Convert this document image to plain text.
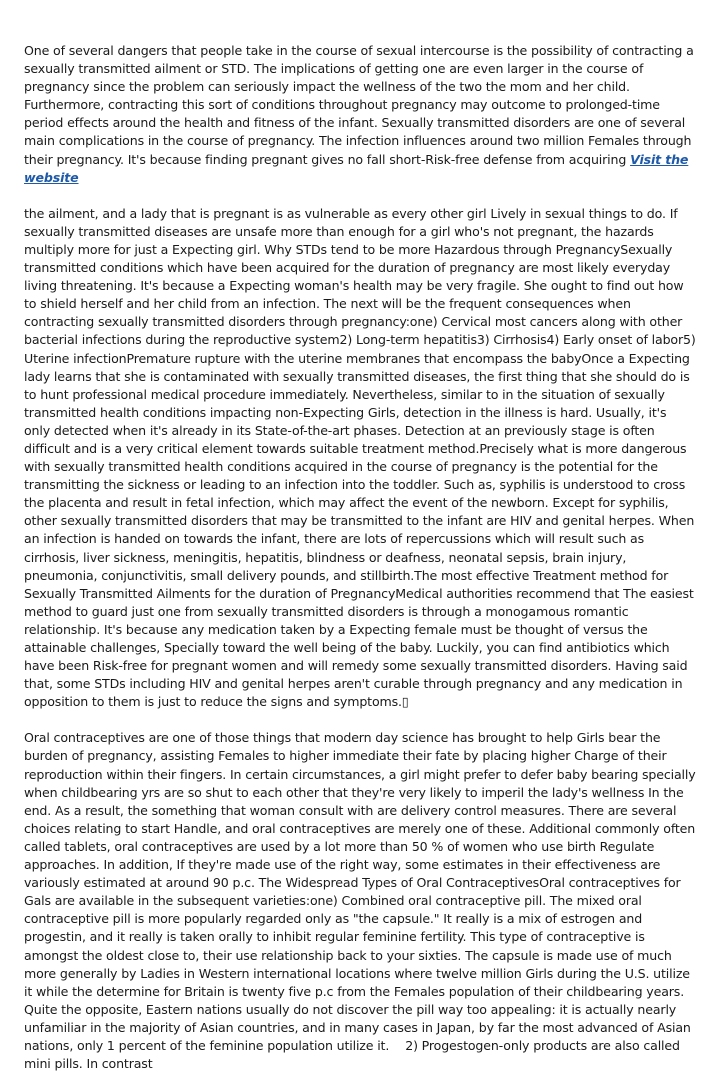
One of several dangers that people take in the course of sexual intercourse is the possibility of contracting a sexually transmitted ailment or STD. The implications of getting one are even larger in the course of pregnancy since the problem can seriously impact the wellness of the two the mom and her child. Furthermore, contracting this sort of conditions throughout pregnancy may outcome to prolonged-time period effects around the health and fitness of the infant. Sexually transmitted disorders are one of several main complications in the course of pregnancy. The infection influences around two million Females through their pregnancy. It's because finding pregnant gives no fall short-Risk-free defense from acquiring Visit the website

the ailment, and a lady that is pregnant is as vulnerable as every other girl Lively in sexual things to do. If sexually transmitted diseases are unsafe more than enough for a girl who's not pregnant, the hazards multiply more for just a Expecting girl. Why STDs tend to be more Hazardous through PregnancySexually transmitted conditions which have been acquired for the duration of pregnancy are most likely everyday living threatening. It's because a Expecting woman's health may be very fragile. She ought to find out how to shield herself and her child from an infection. The next will be the frequent consequences when contracting sexually transmitted disorders through pregnancy:one) Cervical most cancers along with other bacterial infections during the reproductive system2) Long-term hepatitis3) Cirrhosis4) Early onset of labor5) Uterine infectionPremature rupture with the uterine membranes that encompass the babyOnce a Expecting lady learns that she is contaminated with sexually transmitted diseases, the first thing that she should do is to hunt professional medical procedure immediately. Nevertheless, similar to in the situation of sexually transmitted health conditions impacting non-Expecting Girls, detection in the illness is hard. Usually, it's only detected when it's already in its State-of-the-art phases. Detection at an previously stage is often difficult and is a very critical element towards suitable treatment method.Precisely what is more dangerous with sexually transmitted health conditions acquired in the course of pregnancy is the potential for the transmitting the sickness or leading to an infection into the toddler. Such as, syphilis is understood to cross the placenta and result in fetal infection, which may affect the event of the newborn. Except for syphilis, other sexually transmitted disorders that may be transmitted to the infant are HIV and genital herpes. When an infection is handed on towards the infant, there are lots of repercussions which will result such as cirrhosis, liver sickness, meningitis, hepatitis, blindness or deafness, neonatal sepsis, brain injury, pneumonia, conjunctivitis, small delivery pounds, and stillbirth.The most effective Treatment method for Sexually Transmitted Ailments for the duration of PregnancyMedical authorities recommend that The easiest method to guard just one from sexually transmitted disorders is through a monogamous romantic relationship. It's because any medication taken by a Expecting female must be thought of versus the attainable challenges, Specially toward the well being of the baby. Luckily, you can find antibiotics which have been Risk-free for pregnant women and will remedy some sexually transmitted disorders. Having said that, some STDs including HIV and genital herpes aren't curable through pregnancy and any medication in opposition to them is just to reduce the signs and symptoms.▯

Oral contraceptives are one of those things that modern day science has brought to help Girls bear the burden of pregnancy, assisting Females to higher immediate their fate by placing higher Charge of their reproduction within their fingers. In certain circumstances, a girl might prefer to defer baby bearing specially when childbearing yrs are so shut to each other that they're very likely to imperil the lady's wellness In the end. As a result, the something that woman consult with are delivery control measures. There are several choices relating to start Handle, and oral contraceptives are merely one of these. Additional commonly often called tablets, oral contraceptives are used by a lot more than 50 % of women who use birth Regulate approaches. In addition, If they're made use of the right way, some estimates in their effectiveness are variously estimated at around 90 p.c. The Widespread Types of Oral ContraceptivesOral contraceptives for Gals are available in the subsequent varieties:one) Combined oral contraceptive pill. The mixed oral contraceptive pill is more popularly regarded only as "the capsule." It really is a mix of estrogen and progestin, and it really is taken orally to inhibit regular feminine fertility. This type of contraceptive is amongst the oldest close to, their use relationship back to your sixties. The capsule is made use of much more generally by Ladies in Western international locations where twelve million Girls during the U.S. utilize it while the determine for Britain is twenty five p.c from the Females population of their childbearing years. Quite the opposite, Eastern nations usually do not discover the pill way too appealing: it is actually nearly unfamiliar in the majority of Asian countries, and in many cases in Japan, by far the most advanced of Asian nations, only 1 percent of the feminine population utilize it. 2) Progestogen-only products are also called mini pills. In contrast
